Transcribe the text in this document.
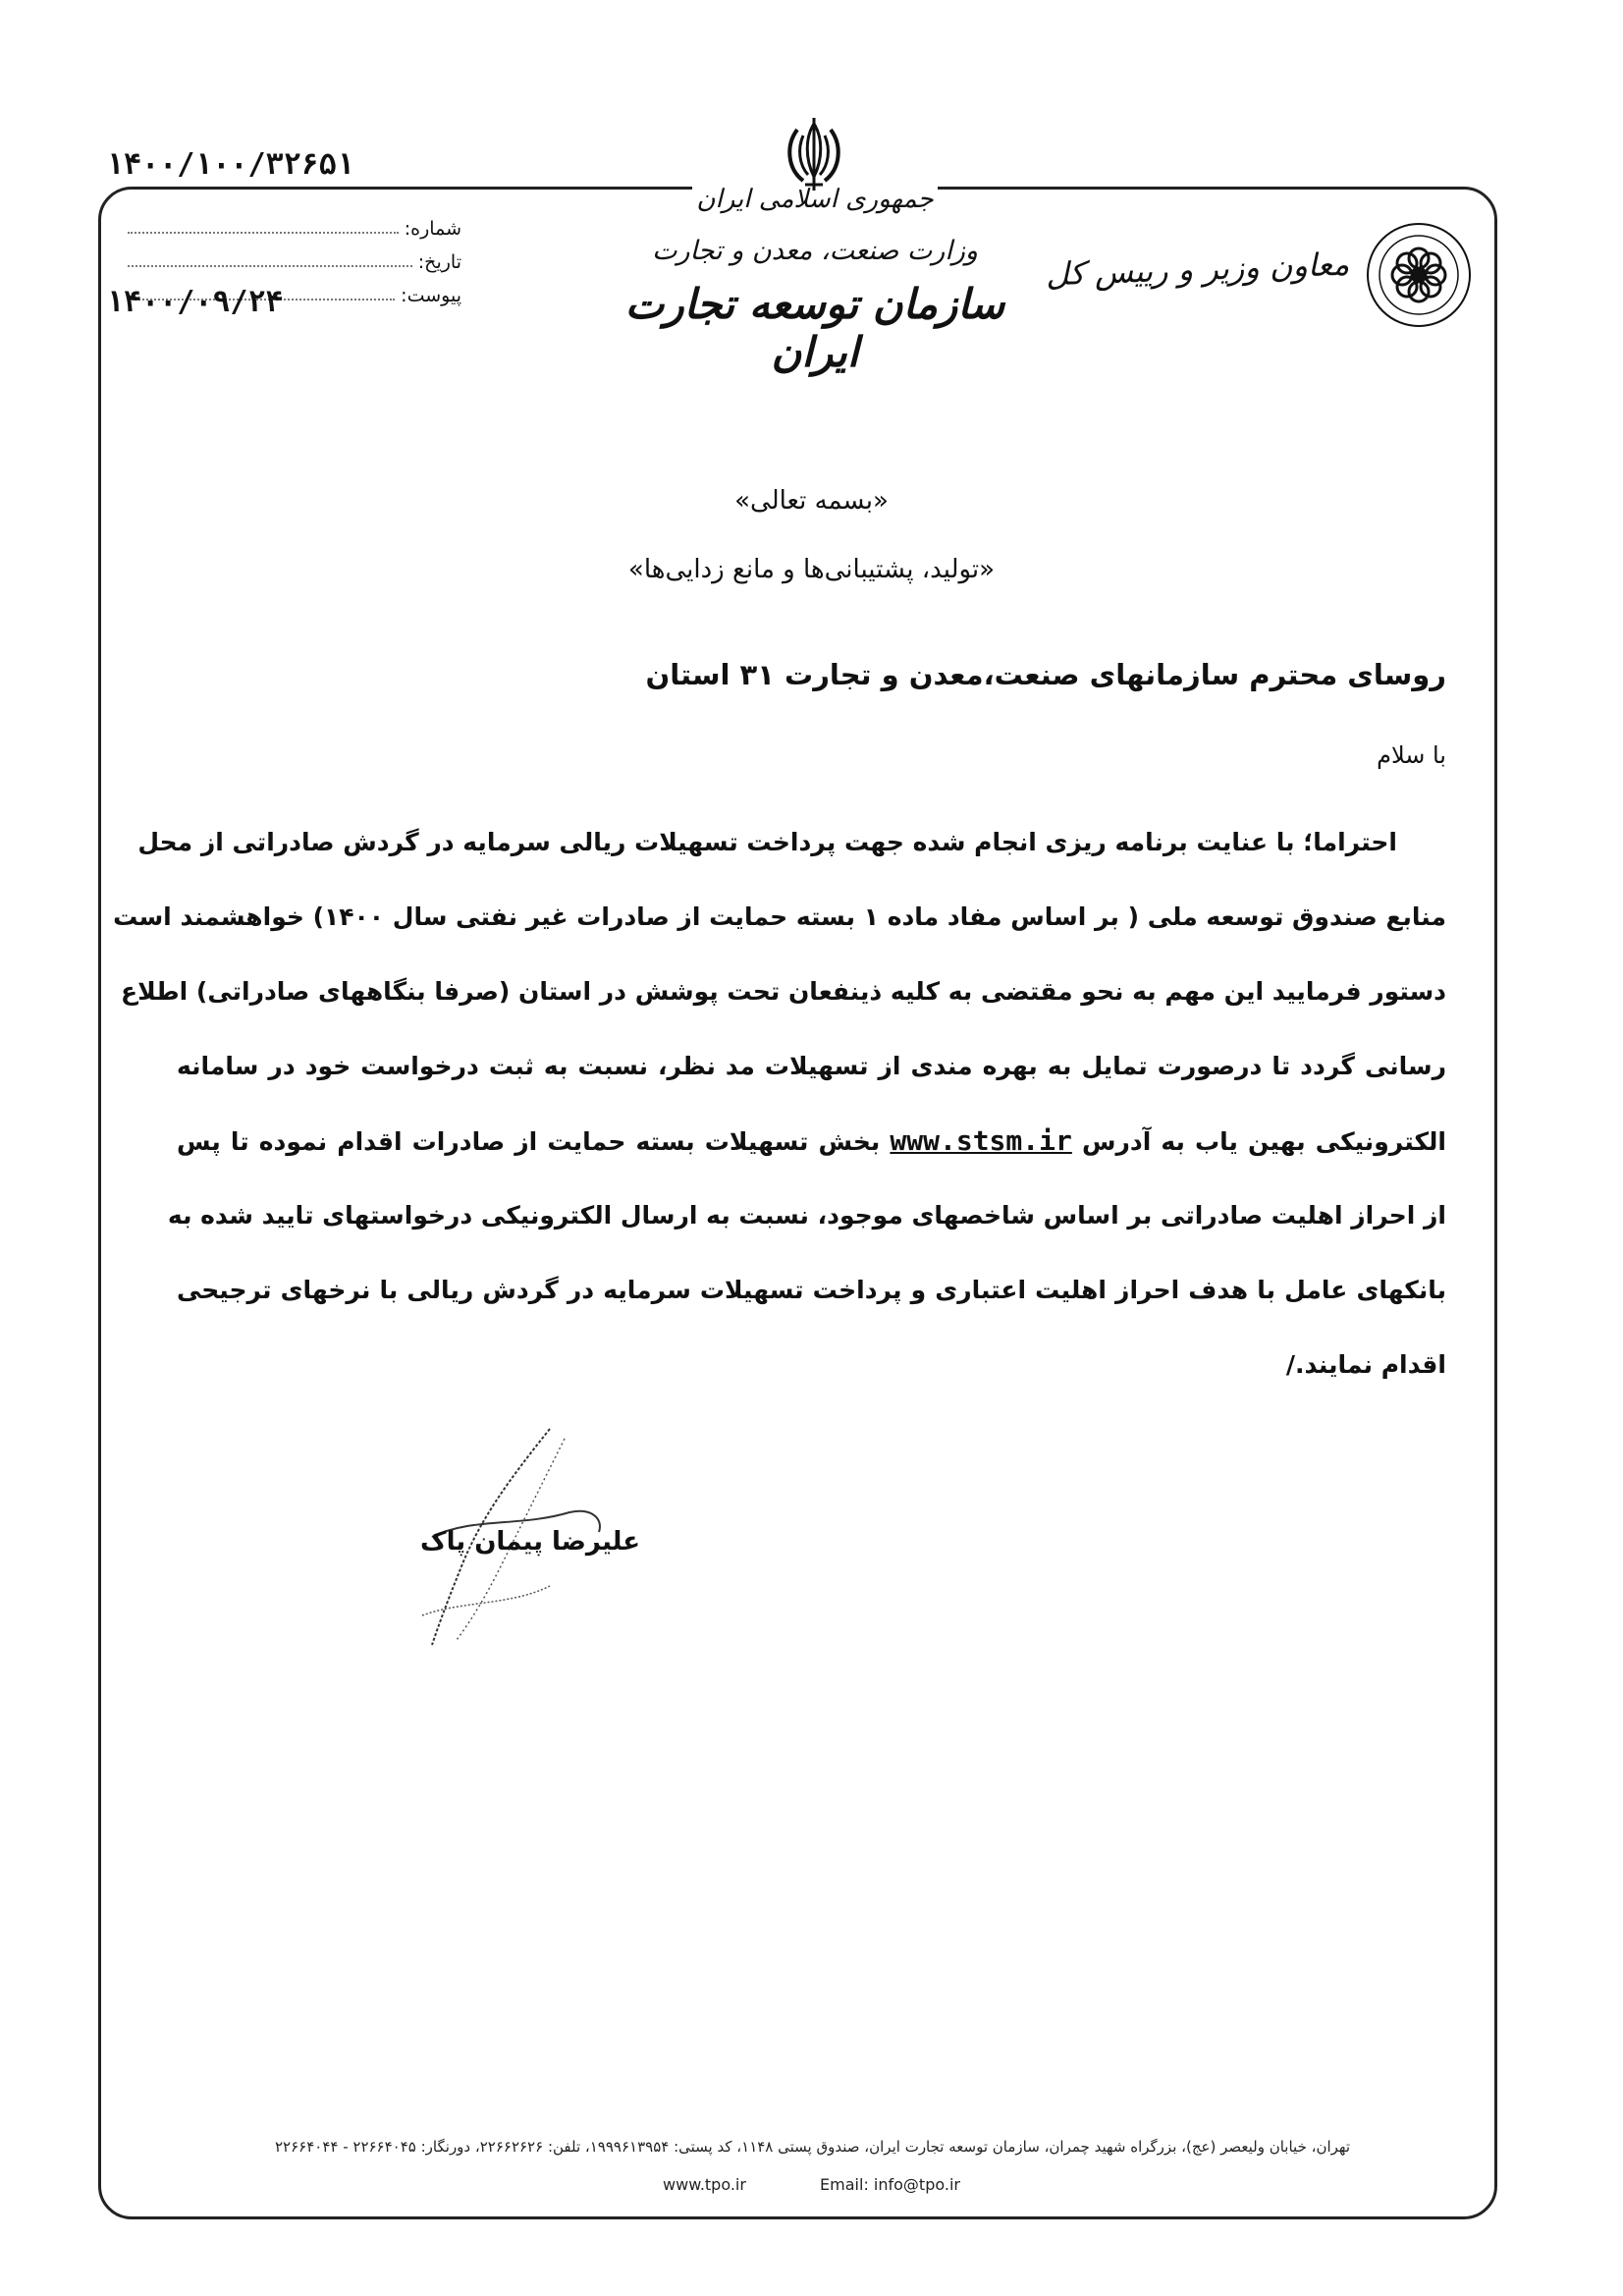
۱۴۰۰/۱۰۰/۳۲۶۵۱
جمهوری اسلامی ایران
وزارت صنعت، معدن و تجارت
سازمان توسعه تجارت ایران
شماره:
تاریخ:
پیوست:
۱۴۰۰/۰۹/۲۴
معاون وزیر و رییس کل
«بسمه تعالی»
«تولید، پشتیبانی‌ها و مانع زدایی‌ها»
روسای محترم سازمانهای صنعت،معدن و تجارت ۳۱ استان
با سلام
احتراما؛ با عنایت برنامه ریزی انجام شده جهت پرداخت تسهیلات ریالی سرمایه در گردش صادراتی از محل
منابع صندوق توسعه ملی ( بر اساس مفاد ماده ۱ بسته حمایت از صادرات غیر نفتی سال ۱۴۰۰) خواهشمند است
دستور فرمایید این مهم به نحو مقتضی به کلیه ذینفعان تحت پوشش در استان (صرفا بنگاههای صادراتی) اطلاع
رسانی گردد تا درصورت تمایل به بهره مندی از تسهیلات مد نظر، نسبت به ثبت درخواست خود در سامانه
الکترونیکی بهین یاب به آدرس www.stsm.ir بخش تسهیلات بسته حمایت از صادرات اقدام نموده تا پس
از احراز اهلیت صادراتی بر اساس شاخصهای موجود، نسبت به ارسال الکترونیکی درخواستهای تایید شده به
بانکهای عامل با هدف احراز اهلیت اعتباری و پرداخت تسهیلات سرمایه در گردش ریالی با نرخهای ترجیحی
اقدام نمایند./
علیرضا پیمان پاک
تهران، خیابان ولیعصر (عج)، بزرگراه شهید چمران، سازمان توسعه تجارت ایران، صندوق پستی ۱۱۴۸، کد پستی: ۱۹۹۹۶۱۳۹۵۴، تلفن: ۲۲۶۶۲۶۲۶، دورنگار: ۲۲۶۶۴۰۴۵ - ۲۲۶۶۴۰۴۴
www.tpo.ir	Email: info@tpo.ir
